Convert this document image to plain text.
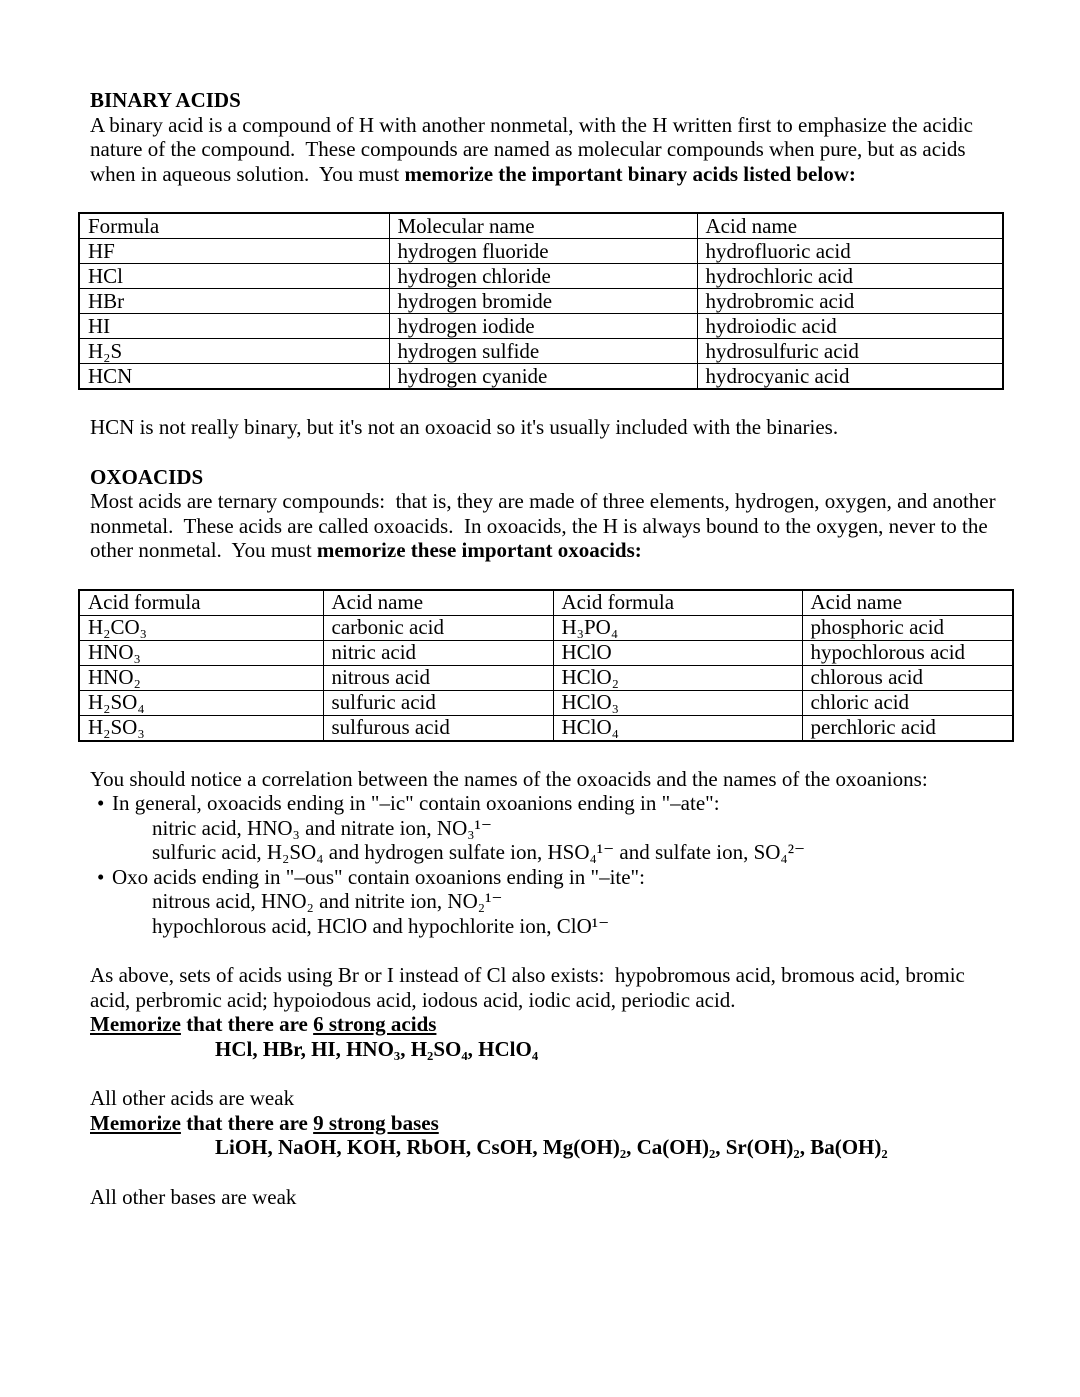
BINARY ACIDS

A binary acid is a compound of H with another nonmetal, with the H written first to emphasize the acidic nature of the compound.  These compounds are named as molecular compounds when pure, but as acids when in aqueous solution.  You must memorize the important binary acids listed below:

Formula	Molecular name	Acid name
HF	hydrogen fluoride	hydrofluoric acid
HCl	hydrogen chloride	hydrochloric acid
HBr	hydrogen bromide	hydrobromic acid
HI	hydrogen iodide	hydroiodic acid
H₂S	hydrogen sulfide	hydrosulfuric acid
HCN	hydrogen cyanide	hydrocyanic acid

HCN is not really binary, but it's not an oxoacid so it's usually included with the binaries.

OXOACIDS

Most acids are ternary compounds:  that is, they are made of three elements, hydrogen, oxygen, and another nonmetal.  These acids are called oxoacids.  In oxoacids, the H is always bound to the oxygen, never to the other nonmetal.  You must memorize these important oxoacids:

Acid formula	Acid name	Acid formula	Acid name
H₂CO₃	carbonic acid	H₃PO₄	phosphoric acid
HNO₃	nitric acid	HClO	hypochlorous acid
HNO₂	nitrous acid	HClO₂	chlorous acid
H₂SO₄	sulfuric acid	HClO₃	chloric acid
H₂SO₃	sulfurous acid	HClO₄	perchloric acid

You should notice a correlation between the names of the oxoacids and the names of the oxoanions:

• In general, oxoacids ending in "–ic" contain oxoanions ending in "–ate":

nitric acid, HNO₃ and nitrate ion, NO₃¹⁻

sulfuric acid, H₂SO₄ and hydrogen sulfate ion, HSO₄¹⁻ and sulfate ion, SO₄²⁻

• Oxo acids ending in "–ous" contain oxoanions ending in "–ite":

nitrous acid, HNO₂ and nitrite ion, NO₂¹⁻

hypochlorous acid, HClO and hypochlorite ion, ClO¹⁻

As above, sets of acids using Br or I instead of Cl also exists:  hypobromous acid, bromous acid, bromic acid, perbromic acid; hypoiodous acid, iodous acid, iodic acid, periodic acid.

Memorize that there are 6 strong acids

HCl, HBr, HI, HNO₃, H₂SO₄, HClO₄

All other acids are weak

Memorize that there are 9 strong bases

LiOH, NaOH, KOH, RbOH, CsOH, Mg(OH)₂, Ca(OH)₂, Sr(OH)₂, Ba(OH)₂

All other bases are weak
